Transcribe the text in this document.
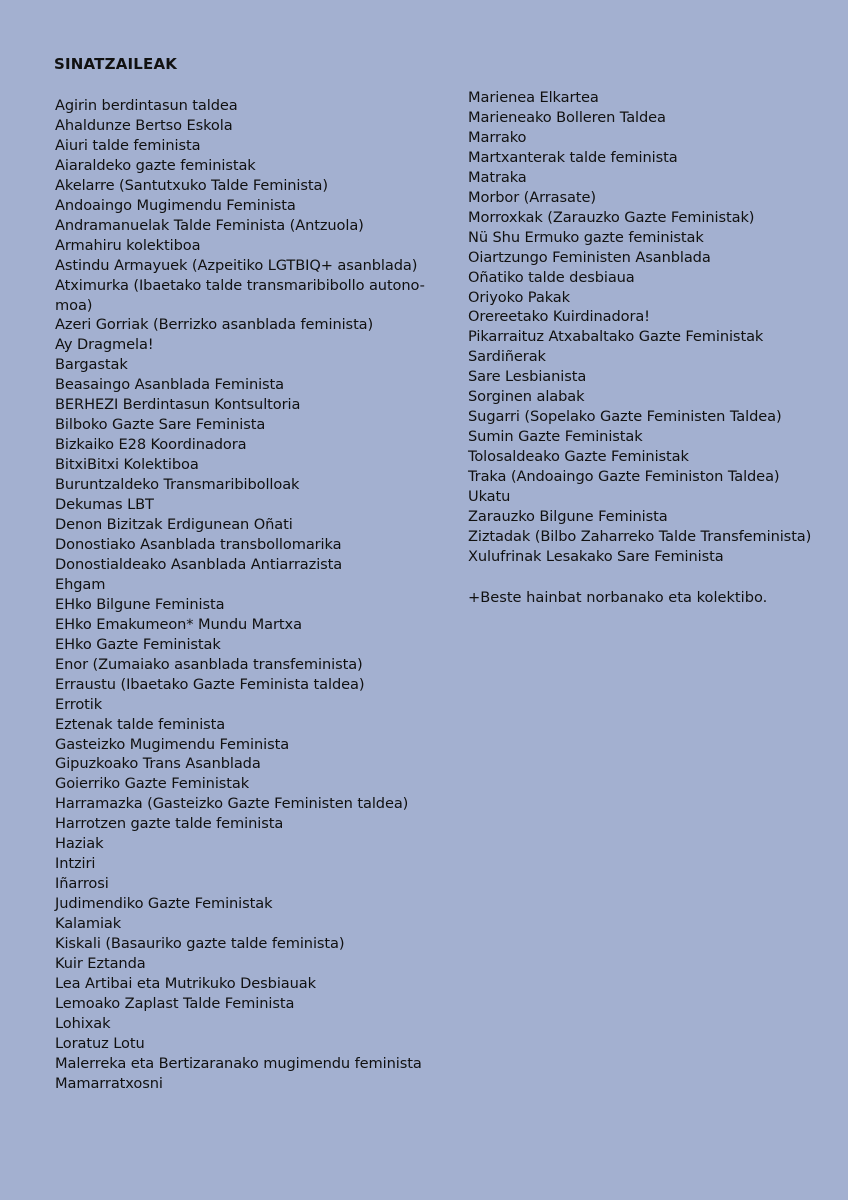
SINATZAILEAK
Agirin berdintasun taldea
Ahaldunze Bertso Eskola
Aiuri talde feminista
Aiaraldeko gazte feministak
Akelarre (Santutxuko Talde Feminista)
Andoaingo Mugimendu Feminista
Andramanuelak Talde Feminista (Antzuola)
Armahiru kolektiboa
Astindu Armayuek (Azpeitiko LGTBIQ+ asanblada)
Atximurka (Ibaetako talde transmaribibollo autono-
moa)
Azeri Gorriak (Berrizko asanblada feminista)
Ay Dragmela!
Bargastak
Beasaingo Asanblada Feminista
BERHEZI Berdintasun Kontsultoria
Bilboko Gazte Sare Feminista
Bizkaiko E28 Koordinadora
BitxiBitxi Kolektiboa
Buruntzaldeko Transmaribibolloak
Dekumas LBT
Denon Bizitzak Erdigunean Oñati
Donostiako Asanblada transbollomarika
Donostialdeako Asanblada Antiarrazista
Ehgam
EHko Bilgune Feminista
EHko Emakumeon* Mundu Martxa
EHko Gazte Feministak
Enor (Zumaiako asanblada transfeminista)
Erraustu (Ibaetako Gazte Feminista taldea)
Errotik
Eztenak talde feminista
Gasteizko Mugimendu Feminista
Gipuzkoako Trans Asanblada
Goierriko Gazte Feministak
Harramazka (Gasteizko Gazte Feministen taldea)
Harrotzen gazte talde feminista
Haziak
Intziri
Iñarrosi
Judimendiko Gazte Feministak
Kalamiak
Kiskali (Basauriko gazte talde feminista)
Kuir Eztanda
Lea Artibai eta Mutrikuko Desbiauak
Lemoako Zaplast Talde Feminista
Lohixak
Loratuz Lotu
Malerreka eta Bertizaranako mugimendu feminista
Mamarratxosni
Marienea Elkartea
Marieneako Bolleren Taldea
Marrako
Martxanterak talde feminista
Matraka
Morbor (Arrasate)
Morroxkak (Zarauzko Gazte Feministak)
Nü Shu Ermuko gazte feministak
Oiartzungo Feministen Asanblada
Oñatiko talde desbiaua
Oriyoko Pakak
Orereetako Kuirdinadora!
Pikarraituz Atxabaltako Gazte Feministak
Sardiñerak
Sare Lesbianista
Sorginen alabak
Sugarri (Sopelako Gazte Feministen Taldea)
Sumin Gazte Feministak
Tolosaldeako Gazte Feministak
Traka (Andoaingo Gazte Feministon Taldea)
Ukatu
Zarauzko Bilgune Feminista
Ziztadak (Bilbo Zaharreko Talde Transfeminista)
Xulufrinak Lesakako Sare Feminista

+Beste hainbat norbanako eta kolektibo.
